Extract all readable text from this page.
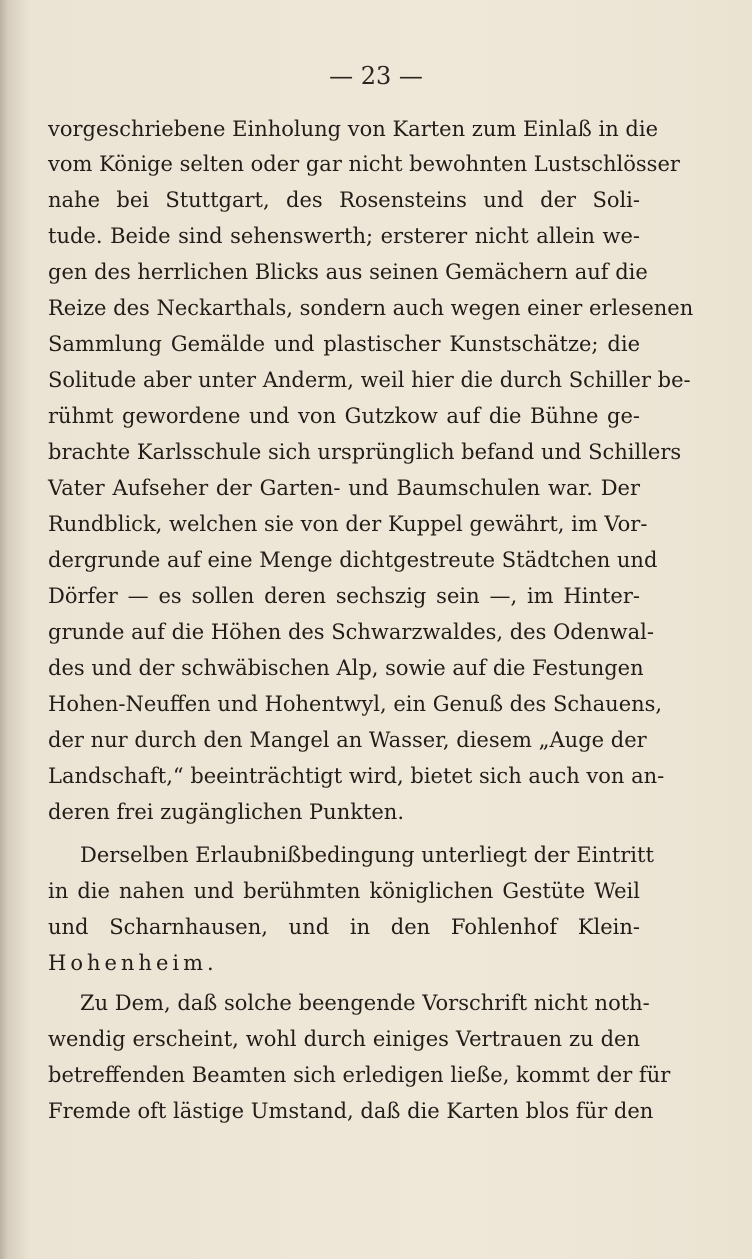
— 23 —
vorgeschriebene Einholung von Karten zum Einlaß in die
vom Könige selten oder gar nicht bewohnten Lustschlösser
nahe bei Stuttgart, des Rosensteins und der Soli-
tude. Beide sind sehenswerth; ersterer nicht allein we-
gen des herrlichen Blicks aus seinen Gemächern auf die
Reize des Neckarthals, sondern auch wegen einer erlesenen
Sammlung Gemälde und plastischer Kunstschätze; die
Solitude aber unter Anderm, weil hier die durch Schiller be-
rühmt gewordene und von Gutzkow auf die Bühne ge-
brachte Karlsschule sich ursprünglich befand und Schillers
Vater Aufseher der Garten- und Baumschulen war. Der
Rundblick, welchen sie von der Kuppel gewährt, im Vor-
dergrunde auf eine Menge dichtgestreute Städtchen und
Dörfer — es sollen deren sechszig sein —, im Hinter-
grunde auf die Höhen des Schwarzwaldes, des Odenwal-
des und der schwäbischen Alp, sowie auf die Festungen
Hohen-Neuffen und Hohentwyl, ein Genuß des Schauens,
der nur durch den Mangel an Wasser, diesem „Auge der
Landschaft,“ beeinträchtigt wird, bietet sich auch von an-
deren frei zugänglichen Punkten.
Derselben Erlaubnißbedingung unterliegt der Eintritt
in die nahen und berühmten königlichen Gestüte Weil
und Scharnhausen, und in den Fohlenhof Klein-
Hohenheim.
Zu Dem, daß solche beengende Vorschrift nicht noth-
wendig erscheint, wohl durch einiges Vertrauen zu den
betreffenden Beamten sich erledigen ließe, kommt der für
Fremde oft lästige Umstand, daß die Karten blos für den
